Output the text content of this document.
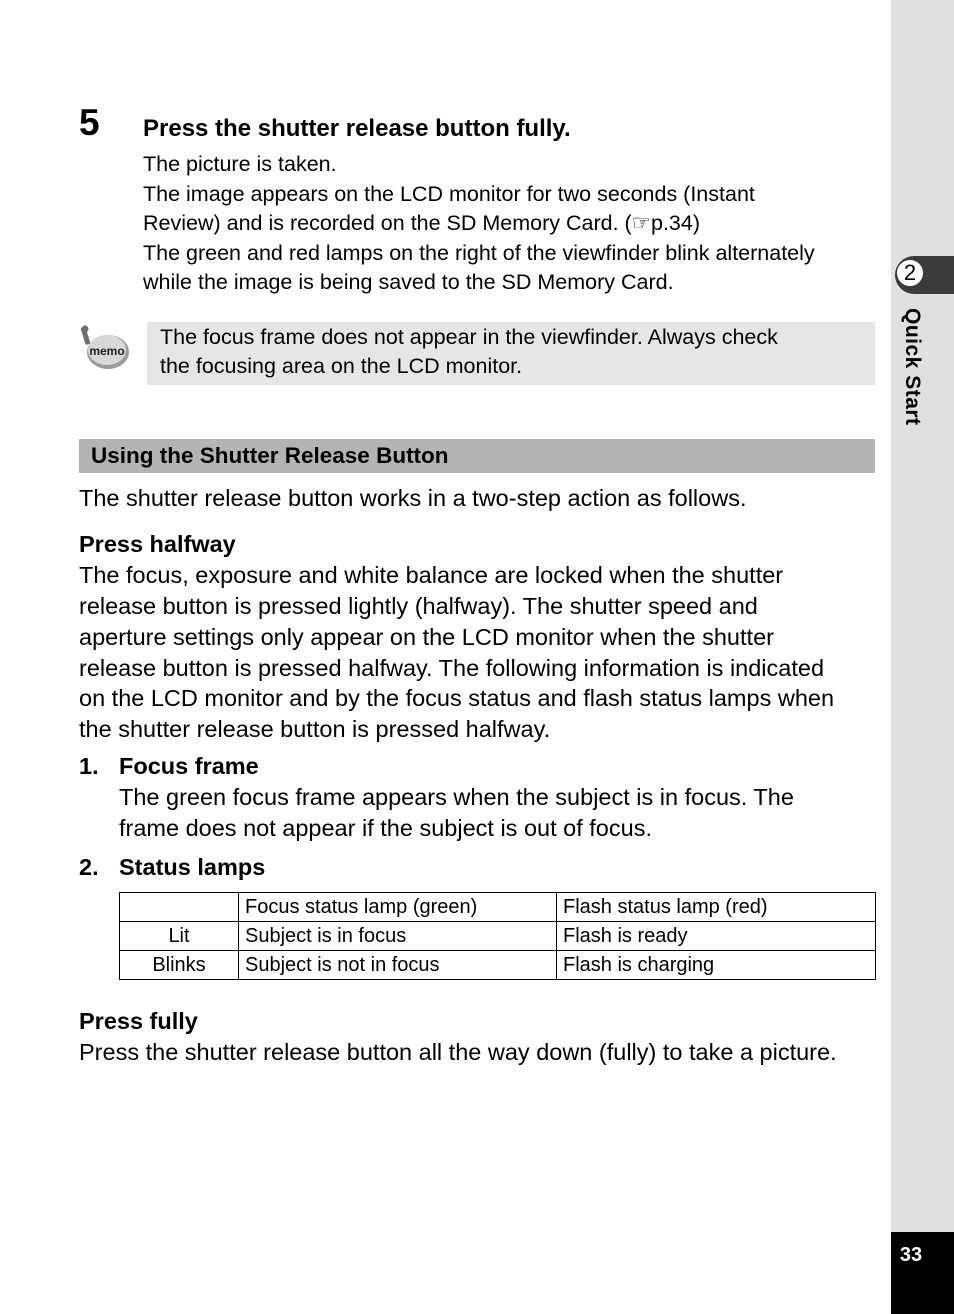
2
Quick Start
33
5 Press the shutter release button fully.
The picture is taken.
The image appears on the LCD monitor for two seconds (Instant
Review) and is recorded on the SD Memory Card. (☞p.34)
The green and red lamps on the right of the viewfinder blink alternately
while the image is being saved to the SD Memory Card.
memo
The focus frame does not appear in the viewfinder. Always check
the focusing area on the LCD monitor.
Using the Shutter Release Button
The shutter release button works in a two-step action as follows.
Press halfway
The focus, exposure and white balance are locked when the shutter
release button is pressed lightly (halfway). The shutter speed and
aperture settings only appear on the LCD monitor when the shutter
release button is pressed halfway. The following information is indicated
on the LCD monitor and by the focus status and flash status lamps when
the shutter release button is pressed halfway.
1. Focus frame
The green focus frame appears when the subject is in focus. The
frame does not appear if the subject is out of focus.
2. Status lamps
	Focus status lamp (green)	Flash status lamp (red)
Lit	Subject is in focus	Flash is ready
Blinks	Subject is not in focus	Flash is charging
Press fully
Press the shutter release button all the way down (fully) to take a picture.
